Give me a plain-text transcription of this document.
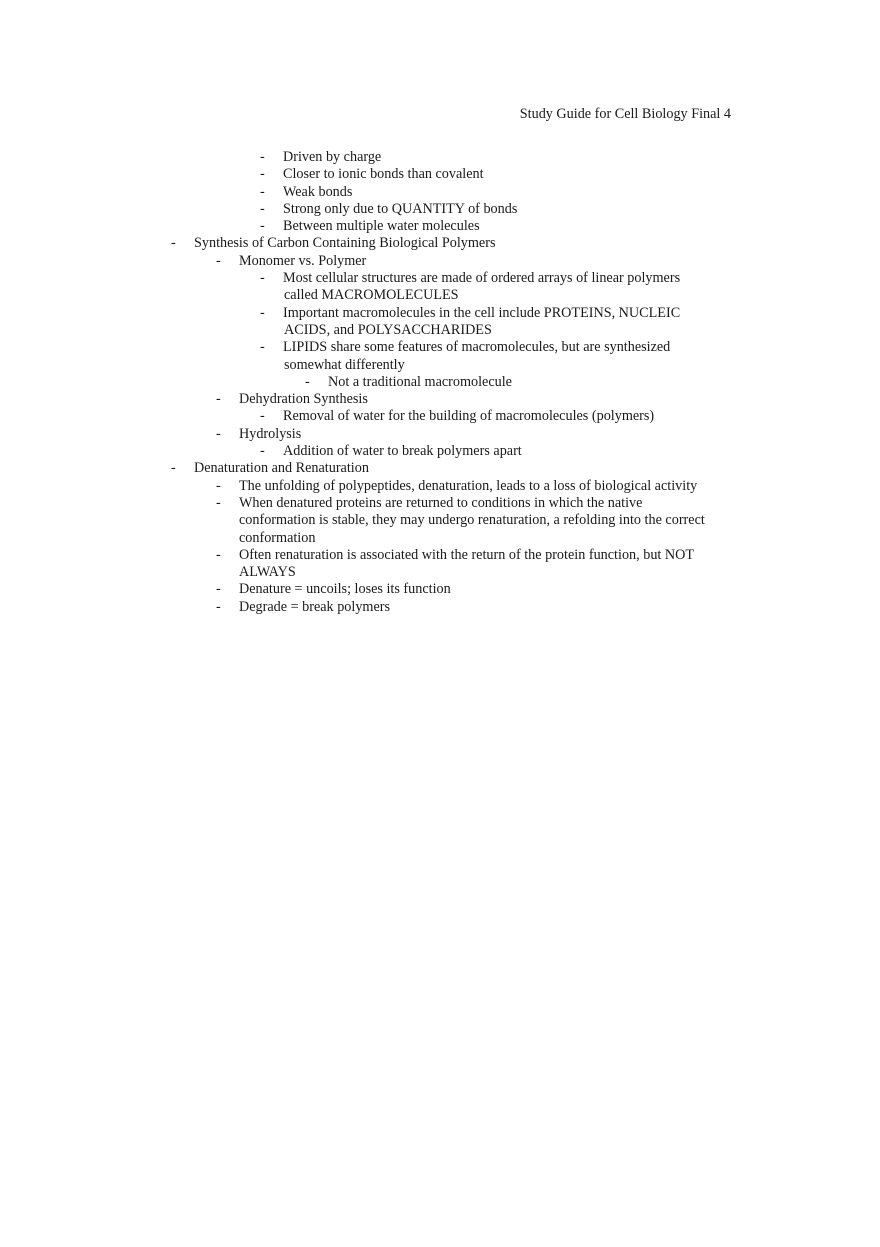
Study Guide for Cell Biology Final 4
- Driven by charge
- Closer to ionic bonds than covalent
- Weak bonds
- Strong only due to QUANTITY of bonds
- Between multiple water molecules
- Synthesis of Carbon Containing Biological Polymers
- Monomer vs. Polymer
- Most cellular structures are made of ordered arrays of linear polymers
called MACROMOLECULES
- Important macromolecules in the cell include PROTEINS, NUCLEIC
ACIDS, and POLYSACCHARIDES
- LIPIDS share some features of macromolecules, but are synthesized
somewhat differently
- Not a traditional macromolecule
- Dehydration Synthesis
- Removal of water for the building of macromolecules (polymers)
- Hydrolysis
- Addition of water to break polymers apart
- Denaturation and Renaturation
- The unfolding of polypeptides, denaturation, leads to a loss of biological activity
- When denatured proteins are returned to conditions in which the native
conformation is stable, they may undergo renaturation, a refolding into the correct
conformation
- Often renaturation is associated with the return of the protein function, but NOT
ALWAYS
- Denature = uncoils; loses its function
- Degrade = break polymers
